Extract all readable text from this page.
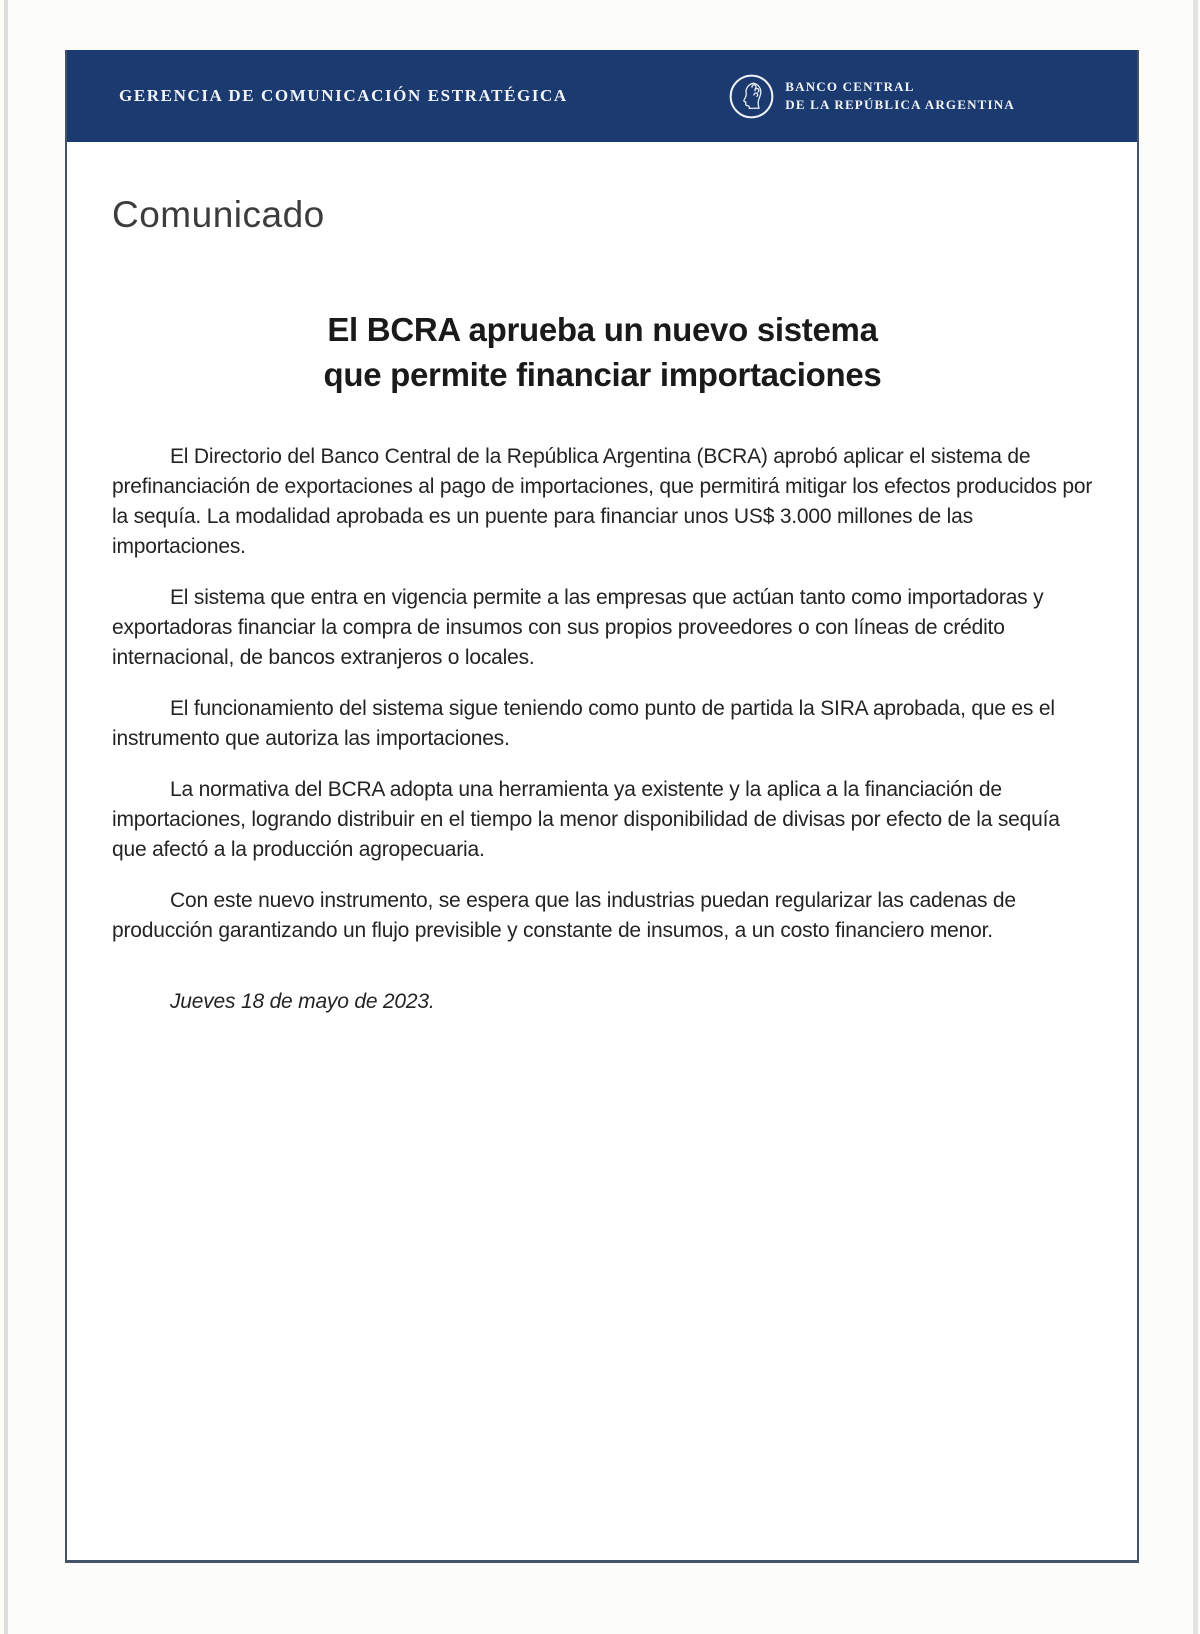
GERENCIA DE COMUNICACIÓN ESTRATÉGICA	BANCO CENTRAL
DE LA REPÚBLICA ARGENTINA
Comunicado
El BCRA aprueba un nuevo sistema
que permite financiar importaciones

El Directorio del Banco Central de la República Argentina (BCRA) aprobó aplicar el sistema de prefinanciación de exportaciones al pago de importaciones, que permitirá mitigar los efectos producidos por la sequía. La modalidad aprobada es un puente para financiar unos US$ 3.000 millones de las importaciones.

El sistema que entra en vigencia permite a las empresas que actúan tanto como importadoras y exportadoras financiar la compra de insumos con sus propios proveedores o con líneas de crédito internacional, de bancos extranjeros o locales.

El funcionamiento del sistema sigue teniendo como punto de partida la SIRA aprobada, que es el instrumento que autoriza las importaciones.

La normativa del BCRA adopta una herramienta ya existente y la aplica a la financiación de importaciones, logrando distribuir en el tiempo la menor disponibilidad de divisas por efecto de la sequía que afectó a la producción agropecuaria.

Con este nuevo instrumento, se espera que las industrias puedan regularizar las cadenas de producción garantizando un flujo previsible y constante de insumos, a un costo financiero menor.

Jueves 18 de mayo de 2023.
